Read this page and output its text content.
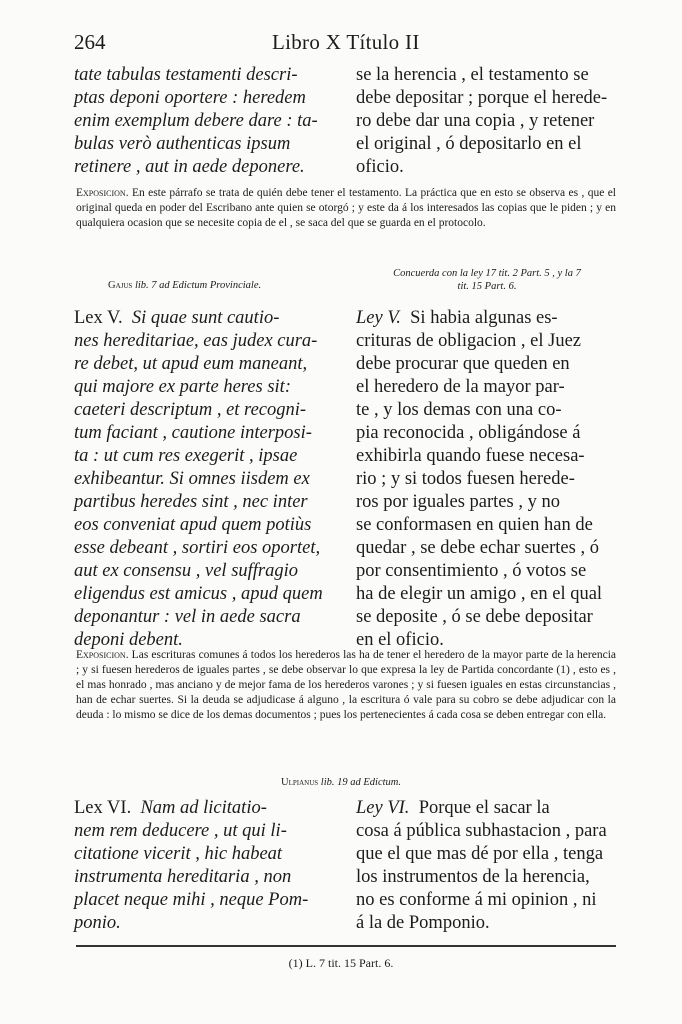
264	Libro X Título II
tate tabulas testamenti descri-
ptas deponi oportere : heredem
enim exemplum debere dare : ta-
bulas verò authenticas ipsum
retinere , aut in aede deponere.
se la herencia , el testamento se
debe depositar ; porque el herede-
ro debe dar una copia , y retener
el original , ó depositarlo en el
oficio.
Exposicion. En este párrafo se trata de quién debe tener el testamento. La práctica que en esto se observa es , que el original queda en poder del Escribano ante quien se otorgó ; y este da á los interesados las copias que le piden ; y en qualquiera ocasion que se necesite copia de el , se saca del que se guarda en el protocolo.
Gajus lib. 7 ad Edictum Provinciale.
Concuerda con la ley 17 tit. 2 Part. 5 , y la 7
tit. 15 Part. 6.
Lex V. Si quae sunt cautio-
nes hereditariae, eas judex cura-
re debet, ut apud eum maneant,
qui majore ex parte heres sit:
caeteri descriptum , et recogni-
tum faciant , cautione interposi-
ta : ut cum res exegerit , ipsae
exhibeantur. Si omnes iisdem ex
partibus heredes sint , nec inter
eos conveniat apud quem potiùs
esse debeant , sortiri eos oportet,
aut ex consensu , vel suffragio
eligendus est amicus , apud quem
deponantur : vel in aede sacra
deponi debent.
Ley V. Si habia algunas es-
crituras de obligacion , el Juez
debe procurar que queden en
el heredero de la mayor par-
te , y los demas con una co-
pia reconocida , obligándose á
exhibirla quando fuese necesa-
rio ; y si todos fuesen herede-
ros por iguales partes , y no
se conformasen en quien han de
quedar , se debe echar suertes , ó
por consentimiento , ó votos se
ha de elegir un amigo , en el qual
se deposite , ó se debe depositar
en el oficio.
Exposicion. Las escrituras comunes á todos los herederos las ha de tener el heredero de la mayor parte de la herencia ; y si fuesen herederos de iguales partes , se debe observar lo que expresa la ley de Partida concordante (1) , esto es , el mas honrado , mas anciano y de mejor fama de los herederos varones ; y si fuesen iguales en estas circunstancias , han de echar suertes. Si la deuda se adjudicase á alguno , la escritura ó vale para su cobro se debe adjudicar con la deuda : lo mismo se dice de los demas documentos ; pues los pertenecientes á cada cosa se deben entregar con ella.
Ulpianus lib. 19 ad Edictum.
Lex VI. Nam ad licitatio-
nem rem deducere , ut qui li-
citatione vicerit , hic habeat
instrumenta hereditaria , non
placet neque mihi , neque Pom-
ponio.
Ley VI. Porque el sacar la
cosa á pública subhastacion , para
que el que mas dé por ella , tenga
los instrumentos de la herencia,
no es conforme á mi opinion , ni
á la de Pomponio.
(1) L. 7 tit. 15 Part. 6.
